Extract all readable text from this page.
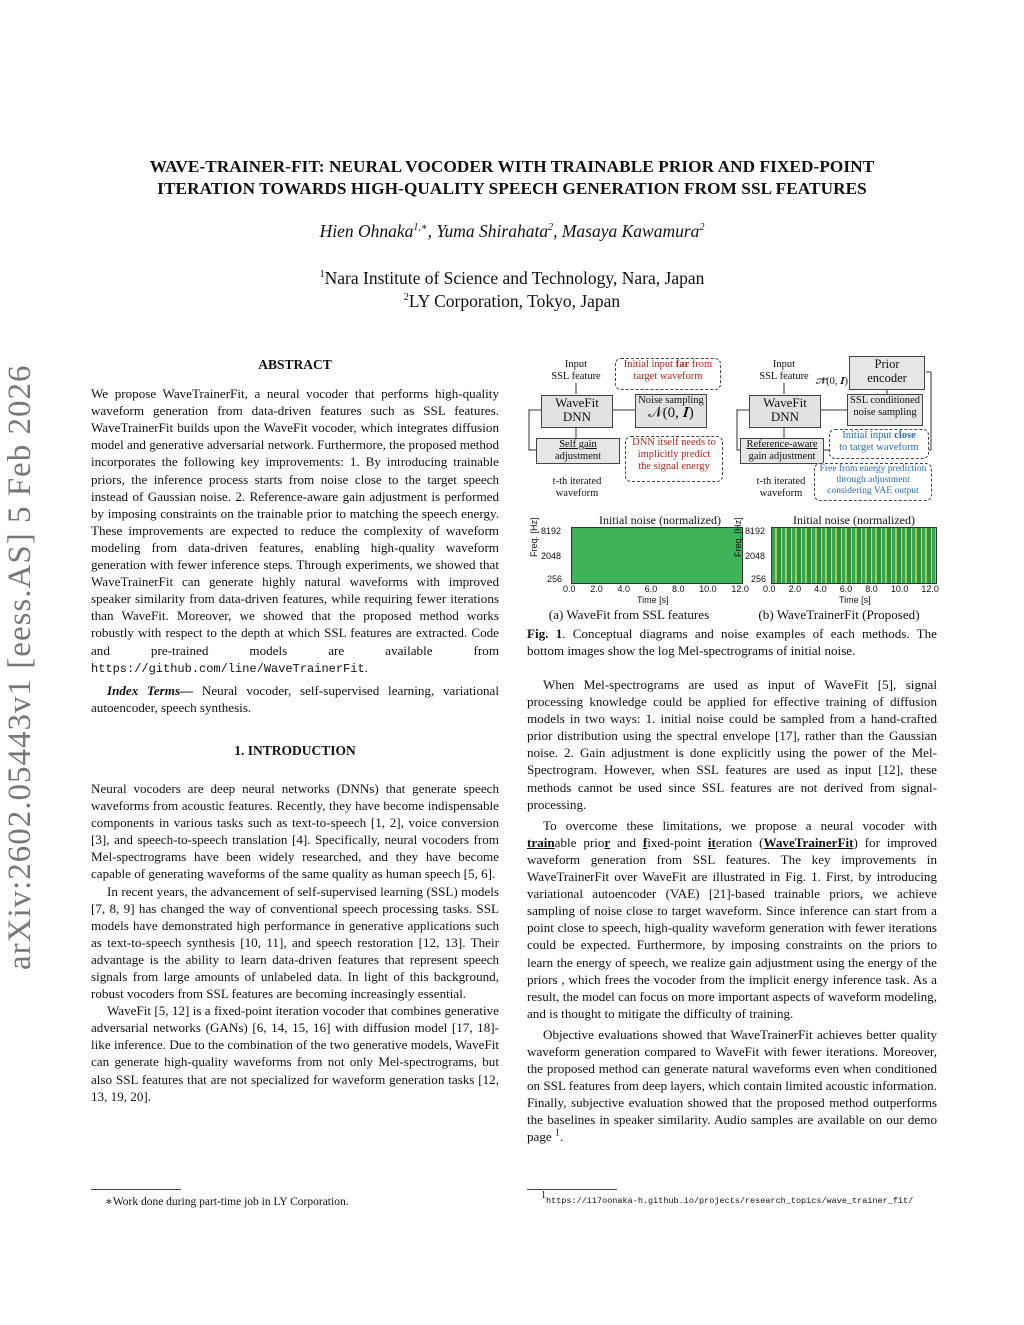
arXiv:2602.05443v1 [eess.AS] 5 Feb 2026
WAVE-TRAINER-FIT: NEURAL VOCODER WITH TRAINABLE PRIOR AND FIXED-POINT
ITERATION TOWARDS HIGH-QUALITY SPEECH GENERATION FROM SSL FEATURES
Hien Ohnaka$^{1,∗}$, Yuma Shirahata$^2$, Masaya Kawamura$^2$
$^1$Nara Institute of Science and Technology, Nara, Japan
$^2$LY Corporation, Tokyo, Japan
ABSTRACT

We propose WaveTrainerFit, a neural vocoder that performs high-quality waveform generation from data-driven features such as SSL features. WaveTrainerFit builds upon the WaveFit vocoder, which integrates diffusion model and generative adversarial network. Furthermore, the proposed method incorporates the following key improvements: 1. By introducing trainable priors, the inference process starts from noise close to the target speech instead of Gaussian noise. 2. Reference-aware gain adjustment is performed by imposing constraints on the trainable prior to matching the speech energy. These improvements are expected to reduce the complexity of waveform modeling from data-driven features, enabling high-quality waveform generation with fewer inference steps. Through experiments, we showed that WaveTrainerFit can generate highly natural waveforms with improved speaker similarity from data-driven features, while requiring fewer iterations than WaveFit. Moreover, we showed that the proposed method works robustly with respect to the depth at which SSL features are extracted. Code and pre-trained models are available from https://github.com/line/WaveTrainerFit.

Index Terms— Neural vocoder, self-supervised learning, variational autoencoder, speech synthesis.

1. INTRODUCTION

Neural vocoders are deep neural networks (DNNs) that generate speech waveforms from acoustic features. Recently, they have become indispensable components in various tasks such as text-to-speech [1, 2], voice conversion [3], and speech-to-speech translation [4]. Specifically, neural vocoders from Mel-spectrograms have been widely researched, and they have become capable of generating waveforms of the same quality as human speech [5, 6].

In recent years, the advancement of self-supervised learning (SSL) models [7, 8, 9] has changed the way of conventional speech processing tasks. SSL models have demonstrated high performance in generative applications such as text-to-speech synthesis [10, 11], and speech restoration [12, 13]. Their advantage is the ability to learn data-driven features that represent speech signals from large amounts of unlabeled data. In light of this background, robust vocoders from SSL features are becoming increasingly essential.

WaveFit [5, 12] is a fixed-point iteration vocoder that combines generative adversarial networks (GANs) [6, 14, 15, 16] with diffusion model [17, 18]-like inference. Due to the combination of the two generative models, WaveFit can generate high-quality waveforms from not only Mel-spectrograms, but also SSL features that are not specialized for waveform generation tasks [12, 13, 19, 20].

∗Work done during part-time job in LY Corporation.
Input
SSL feature
Initial input far from
target waveform
WaveFit
DNN
Noise sampling
𝒩(0, 𝑰)
Self gain
adjustment
DNN itself needs to
implicitly predict
the signal energy
t-th iterated
waveform
Input
SSL feature
Prior
encoder
𝒩(0, 𝑰)
WaveFit
DNN
SSL conditioned
noise sampling
Reference-aware
gain adjustment
Initial input close
to target waveform
Free from energy prediction
through adjustment
considering VAE output
t-th iterated
waveform
Initial noise (normalized)	Initial noise (normalized)
Freq. [Hz] 8192
2048
256
0.0 2.0 4.0 6.0 8.0 10.0 12.0
Time [s]
Freq. [Hz] 8192
2048
256
0.0 2.0 4.0 6.0 8.0 10.0 12.0
Time [s]
(a) WaveFit from SSL features	(b) WaveTrainerFit (Proposed)
Fig. 1. Conceptual diagrams and noise examples of each methods. The bottom images show the log Mel-spectrograms of initial noise.

When Mel-spectrograms are used as input of WaveFit [5], signal processing knowledge could be applied for effective training of diffusion models in two ways: 1. initial noise could be sampled from a hand-crafted prior distribution using the spectral envelope [17], rather than the Gaussian noise. 2. Gain adjustment is done explicitly using the power of the Mel-Spectrogram. However, when SSL features are used as input [12], these methods cannot be used since SSL features are not derived from signal-processing.

To overcome these limitations, we propose a neural vocoder with trainable prior and fixed-point iteration (WaveTrainerFit) for improved waveform generation from SSL features. The key improvements in WaveTrainerFit over WaveFit are illustrated in Fig. 1. First, by introducing variational autoencoder (VAE) [21]-based trainable priors, we achieve sampling of noise close to target waveform. Since inference can start from a point close to speech, high-quality waveform generation with fewer iterations could be expected. Furthermore, by imposing constraints on the priors to learn the energy of speech, we realize gain adjustment using the energy of the priors , which frees the vocoder from the implicit energy inference task. As a result, the model can focus on more important aspects of waveform modeling, and is thought to mitigate the difficulty of training.

Objective evaluations showed that WaveTrainerFit achieves better quality waveform generation compared to WaveFit with fewer iterations. Moreover, the proposed method can generate natural waveforms even when conditioned on SSL features from deep layers, which contain limited acoustic information. Finally, subjective evaluation showed that the proposed method outperforms the baselines in speaker similarity. Audio samples are available on our demo page $^1$.

$^1$https://i17oonaka-h.github.io/projects/research_topics/wave_trainer_fit/
